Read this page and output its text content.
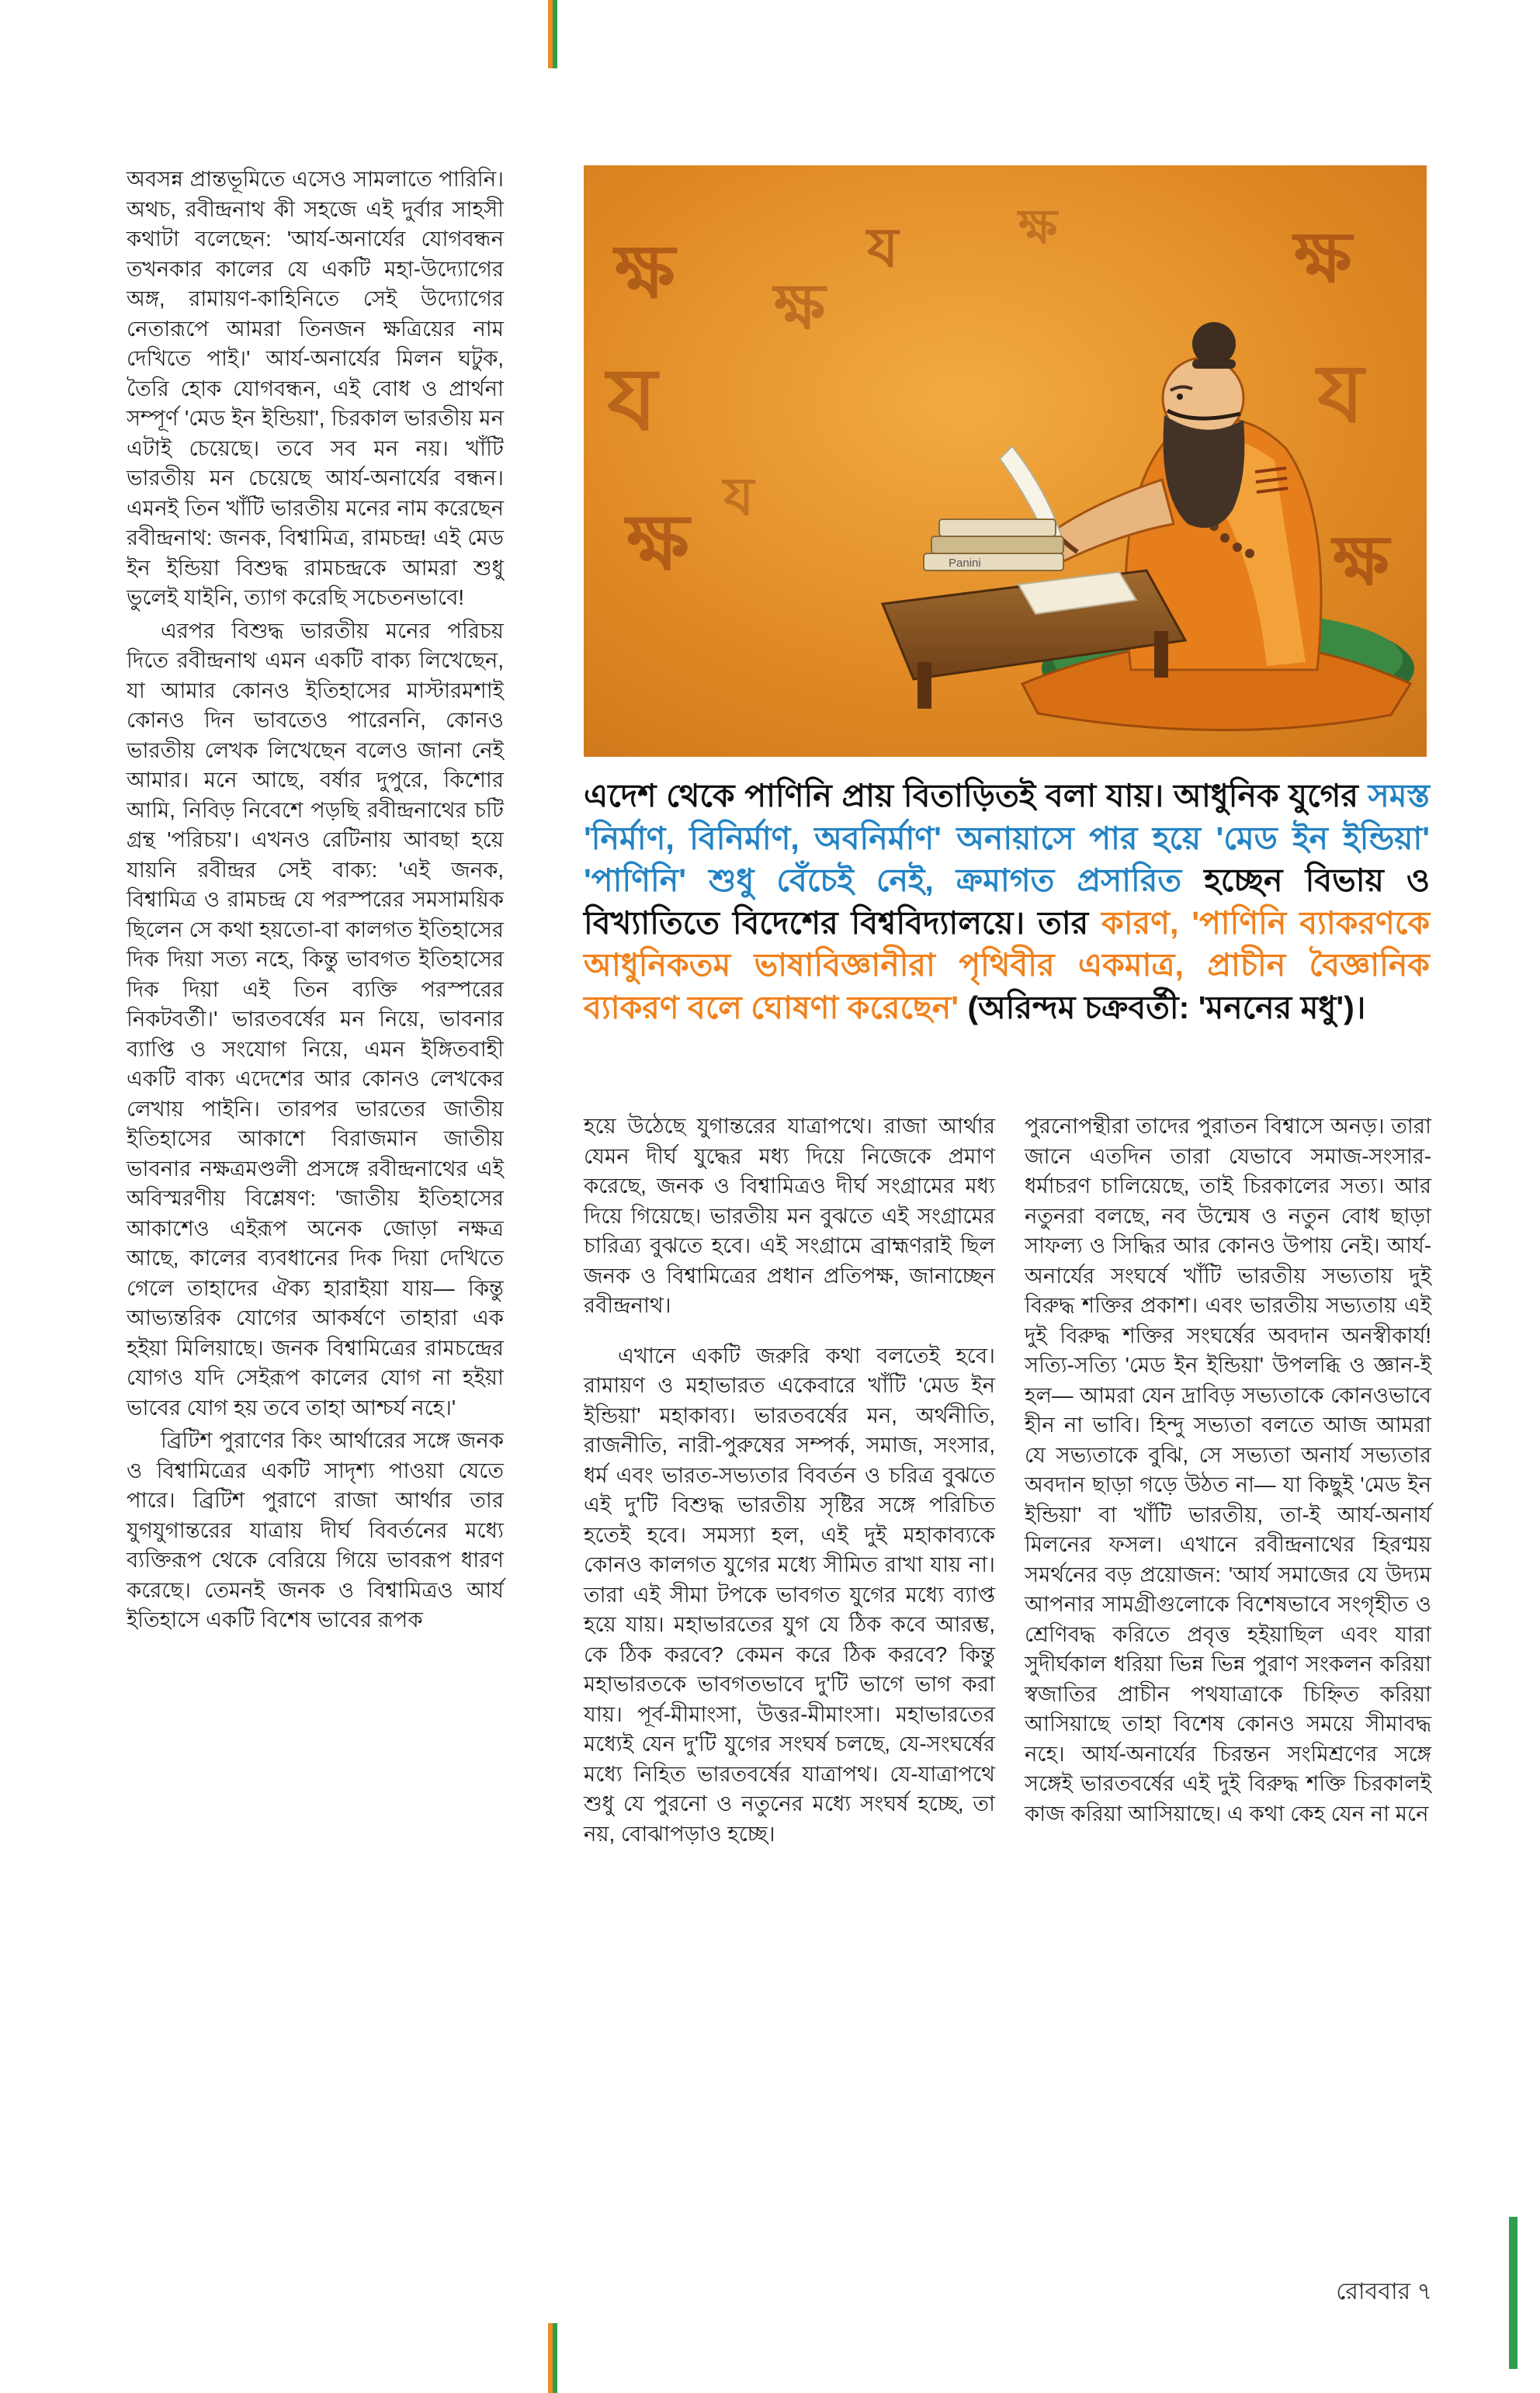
অবসন্ন প্রান্তভূমিতে এসেও সামলাতে পারিনি। অথচ, রবীন্দ্রনাথ কী সহজে এই দুর্বার সাহসী কথাটা বলেছেন: 'আর্য-অনার্যের যোগবন্ধন তখনকার কালের যে একটি মহা-উদ্যোগের অঙ্গ, রামায়ণ-কাহিনিতে সেই উদ্যোগের নেতারূপে আমরা তিনজন ক্ষত্রিয়ের নাম দেখিতে পাই।' আর্য-অনার্যের মিলন ঘটুক, তৈরি হোক যোগবন্ধন, এই বোধ ও প্রার্থনা সম্পূর্ণ 'মেড ইন ইন্ডিয়া', চিরকাল ভারতীয় মন এটাই চেয়েছে। তবে সব মন নয়। খাঁটি ভারতীয় মন চেয়েছে আর্য-অনার্যের বন্ধন। এমনই তিন খাঁটি ভারতীয় মনের নাম করেছেন রবীন্দ্রনাথ: জনক, বিশ্বামিত্র, রামচন্দ্র! এই মেড ইন ইন্ডিয়া বিশুদ্ধ রামচন্দ্রকে আমরা শুধু ভুলেই যাইনি, ত্যাগ করেছি সচেতনভাবে!

এরপর বিশুদ্ধ ভারতীয় মনের পরিচয় দিতে রবীন্দ্রনাথ এমন একটি বাক্য লিখেছেন, যা আমার কোনও ইতিহাসের মাস্টারমশাই কোনও দিন ভাবতেও পারেননি, কোনও ভারতীয় লেখক লিখেছেন বলেও জানা নেই আমার। মনে আছে, বর্ষার দুপুরে, কিশোর আমি, নিবিড় নিবেশে পড়ছি রবীন্দ্রনাথের চটি গ্রন্থ 'পরিচয়'। এখনও রেটিনায় আবছা হয়ে যায়নি রবীন্দ্রর সেই বাক্য: 'এই জনক, বিশ্বামিত্র ও রামচন্দ্র যে পরস্পরের সমসাময়িক ছিলেন সে কথা হয়তো-বা কালগত ইতিহাসের দিক দিয়া সত্য নহে, কিন্তু ভাবগত ইতিহাসের দিক দিয়া এই তিন ব্যক্তি পরস্পরের নিকটবর্তী।' ভারতবর্ষের মন নিয়ে, ভাবনার ব্যাপ্তি ও সংযোগ নিয়ে, এমন ইঙ্গিতবাহী একটি বাক্য এদেশের আর কোনও লেখকের লেখায় পাইনি। তারপর ভারতের জাতীয় ইতিহাসের আকাশে বিরাজমান জাতীয় ভাবনার নক্ষত্রমণ্ডলী প্রসঙ্গে রবীন্দ্রনাথের এই অবিস্মরণীয় বিশ্লেষণ: 'জাতীয় ইতিহাসের আকাশেও এইরূপ অনেক জোড়া নক্ষত্র আছে, কালের ব্যবধানের দিক দিয়া দেখিতে গেলে তাহাদের ঐক্য হারাইয়া যায়— কিন্তু আভ্যন্তরিক যোগের আকর্ষণে তাহারা এক হইয়া মিলিয়াছে। জনক বিশ্বামিত্রের রামচন্দ্রের যোগও যদি সেইরূপ কালের যোগ না হইয়া ভাবের যোগ হয় তবে তাহা আশ্চর্য নহে।'

ব্রিটিশ পুরাণের কিং আর্থারের সঙ্গে জনক ও বিশ্বামিত্রের একটি সাদৃশ্য পাওয়া যেতে পারে। ব্রিটিশ পুরাণে রাজা আর্থার তার যুগযুগান্তরের যাত্রায় দীর্ঘ বিবর্তনের মধ্যে ব্যক্তিরূপ থেকে বেরিয়ে গিয়ে ভাবরূপ ধারণ করেছে। তেমনই জনক ও বিশ্বামিত্রও আর্য ইতিহাসে একটি বিশেষ ভাবের রূপক

ক্ষ
য
ক্ষ
ক্ষ
য ক্ষ	ক্ষ
য
ক্ষ
য
Panini
এদেশ থেকে পাণিনি প্রায় বিতাড়িতই বলা যায়। আধুনিক যুগের সমস্ত 'নির্মাণ, বিনির্মাণ, অবনির্মাণ' অনায়াসে পার হয়ে 'মেড ইন ইন্ডিয়া' 'পাণিনি' শুধু বেঁচেই নেই, ক্রমাগত প্রসারিত হচ্ছেন বিভায় ও বিখ্যাতিতে বিদেশের বিশ্ববিদ্যালয়ে। তার কারণ, 'পাণিনি ব্যাকরণকে আধুনিকতম ভাষাবিজ্ঞানীরা পৃথিবীর একমাত্র, প্রাচীন বৈজ্ঞানিক ব্যাকরণ বলে ঘোষণা করেছেন' (অরিন্দম চক্রবর্তী: 'মননের মধু')।

হয়ে উঠেছে যুগান্তরের যাত্রাপথে। রাজা আর্থার যেমন দীর্ঘ যুদ্ধের মধ্য দিয়ে নিজেকে প্রমাণ করেছে, জনক ও বিশ্বামিত্রও দীর্ঘ সংগ্রামের মধ্য দিয়ে গিয়েছে। ভারতীয় মন বুঝতে এই সংগ্রামের চারিত্র্য বুঝতে হবে। এই সংগ্রামে ব্রাহ্মণরাই ছিল জনক ও বিশ্বামিত্রের প্রধান প্রতিপক্ষ, জানাচ্ছেন রবীন্দ্রনাথ।

এখানে একটি জরুরি কথা বলতেই হবে। রামায়ণ ও মহাভারত একেবারে খাঁটি 'মেড ইন ইন্ডিয়া' মহাকাব্য। ভারতবর্ষের মন, অর্থনীতি, রাজনীতি, নারী-পুরুষের সম্পর্ক, সমাজ, সংসার, ধর্ম এবং ভারত-সভ্যতার বিবর্তন ও চরিত্র বুঝতে এই দু'টি বিশুদ্ধ ভারতীয় সৃষ্টির সঙ্গে পরিচিত হতেই হবে। সমস্যা হল, এই দুই মহাকাব্যকে কোনও কালগত যুগের মধ্যে সীমিত রাখা যায় না। তারা এই সীমা টপকে ভাবগত যুগের মধ্যে ব্যাপ্ত হয়ে যায়। মহাভারতের যুগ যে ঠিক কবে আরম্ভ, কে ঠিক করবে? কেমন করে ঠিক করবে? কিন্তু মহাভারতকে ভাবগতভাবে দু'টি ভাগে ভাগ করা যায়। পূর্ব-মীমাংসা, উত্তর-মীমাংসা। মহাভারতের মধ্যেই যেন দু'টি যুগের সংঘর্ষ চলছে, যে-সংঘর্ষের মধ্যে নিহিত ভারতবর্ষের যাত্রাপথ। যে-যাত্রাপথে শুধু যে পুরনো ও নতুনের মধ্যে সংঘর্ষ হচ্ছে, তা নয়, বোঝাপড়াও হচ্ছে।

পুরনোপন্থীরা তাদের পুরাতন বিশ্বাসে অনড়। তারা জানে এতদিন তারা যেভাবে সমাজ-সংসার-ধর্মাচরণ চালিয়েছে, তাই চিরকালের সত্য। আর নতুনরা বলছে, নব উন্মেষ ও নতুন বোধ ছাড়া সাফল্য ও সিদ্ধির আর কোনও উপায় নেই। আর্য-অনার্যের সংঘর্ষে খাঁটি ভারতীয় সভ্যতায় দুই বিরুদ্ধ শক্তির প্রকাশ। এবং ভারতীয় সভ্যতায় এই দুই বিরুদ্ধ শক্তির সংঘর্ষের অবদান অনস্বীকার্য! সত্যি-সত্যি 'মেড ইন ইন্ডিয়া' উপলব্ধি ও জ্ঞান-ই হল— আমরা যেন দ্রাবিড় সভ্যতাকে কোনওভাবে হীন না ভাবি। হিন্দু সভ্যতা বলতে আজ আমরা যে সভ্যতাকে বুঝি, সে সভ্যতা অনার্য সভ্যতার অবদান ছাড়া গড়ে উঠত না— যা কিছুই 'মেড ইন ইন্ডিয়া' বা খাঁটি ভারতীয়, তা-ই আর্য-অনার্য মিলনের ফসল। এখানে রবীন্দ্রনাথের হিরণ্ময় সমর্থনের বড় প্রয়োজন: 'আর্য সমাজের যে উদ্যম আপনার সামগ্রীগুলোকে বিশেষভাবে সংগৃহীত ও শ্রেণিবদ্ধ করিতে প্রবৃত্ত হইয়াছিল এবং যারা সুদীর্ঘকাল ধরিয়া ভিন্ন ভিন্ন পুরাণ সংকলন করিয়া স্বজাতির প্রাচীন পথযাত্রাকে চিহ্নিত করিয়া আসিয়াছে তাহা বিশেষ কোনও সময়ে সীমাবদ্ধ নহে। আর্য-অনার্যের চিরন্তন সংমিশ্রণের সঙ্গে সঙ্গেই ভারতবর্ষের এই দুই বিরুদ্ধ শক্তি চিরকালই কাজ করিয়া আসিয়াছে। এ কথা কেহ যেন না মনে

রোববার ৭
